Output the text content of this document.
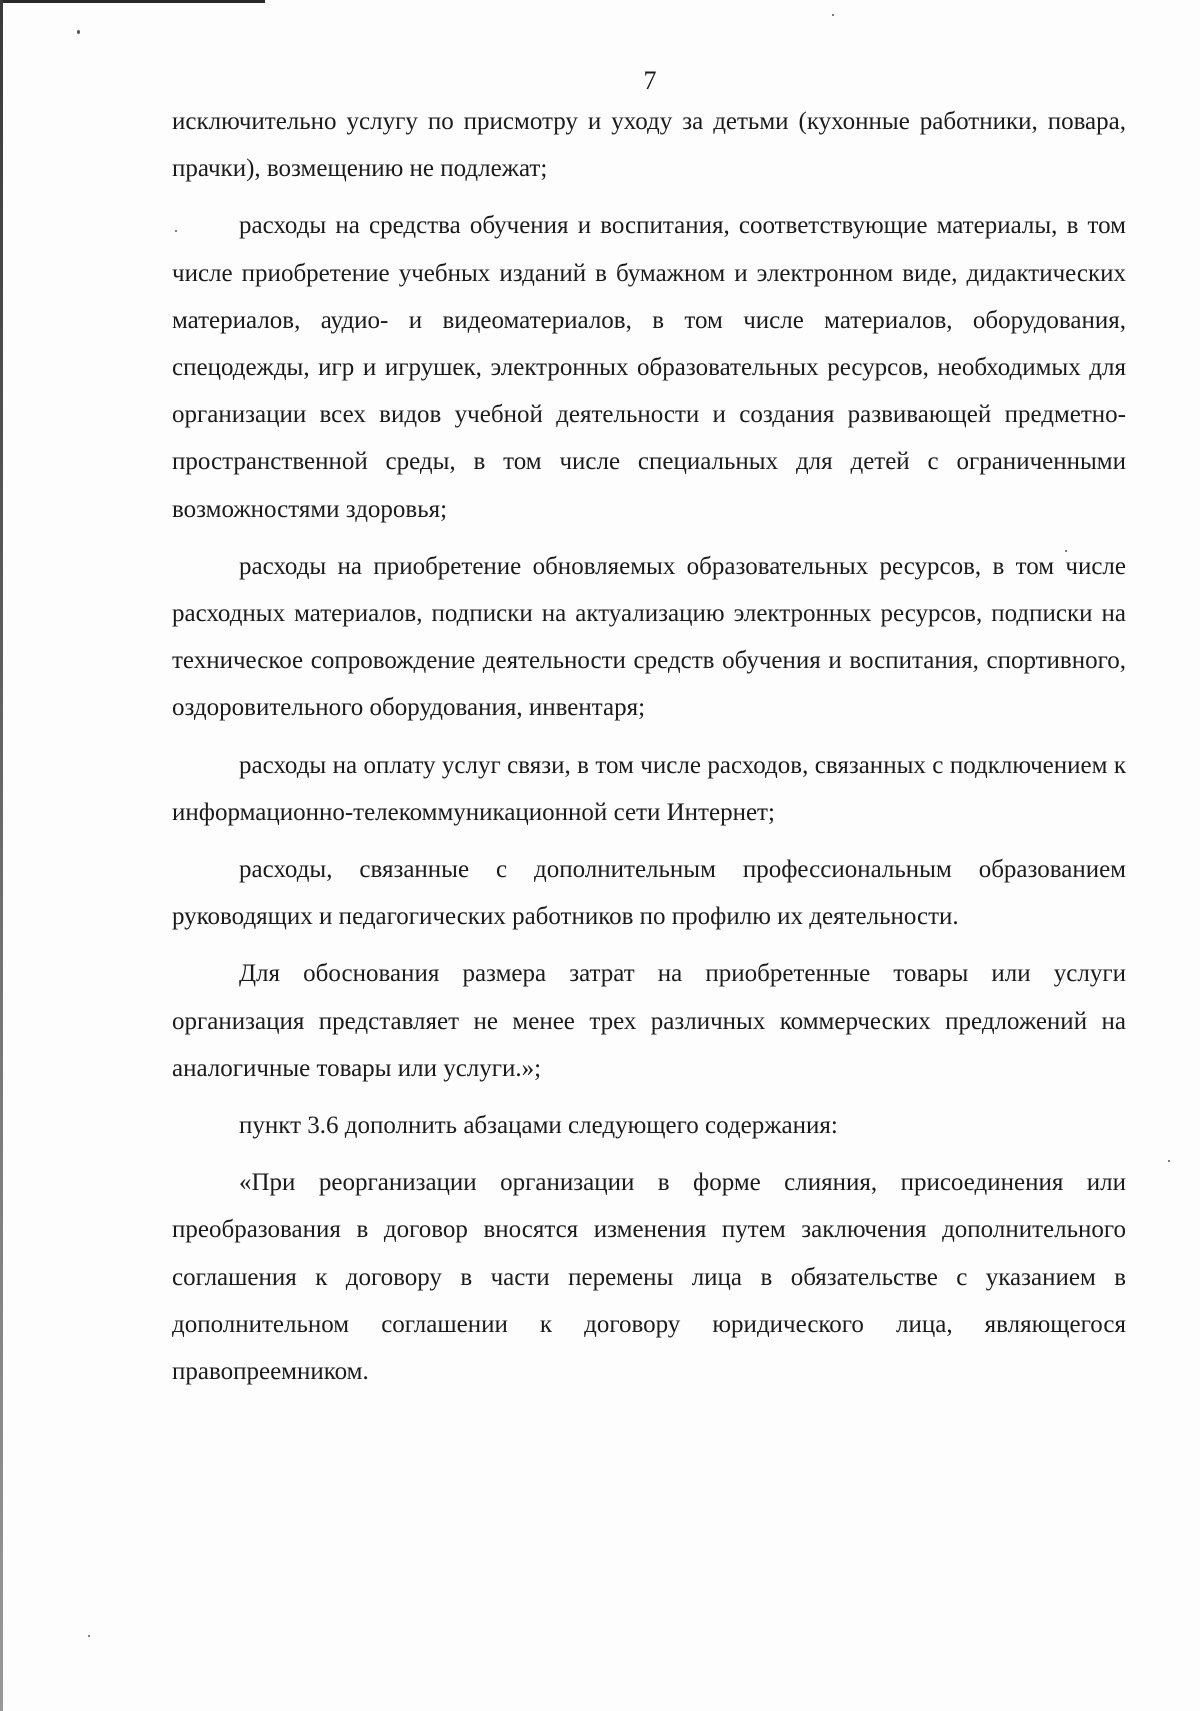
7

исключительно услугу по присмотру и уходу за детьми (кухонные работники, повара, прачки), возмещению не подлежат;

расходы на средства обучения и воспитания, соответствующие материалы, в том числе приобретение учебных изданий в бумажном и электронном виде, дидактических материалов, аудио- и видеоматериалов, в том числе материалов, оборудования, спецодежды, игр и игрушек, электронных образовательных ресурсов, необходимых для организации всех видов учебной деятельности и создания развивающей предметно-пространственной среды, в том числе специальных для детей с ограниченными возможностями здоровья;

расходы на приобретение обновляемых образовательных ресурсов, в том числе расходных материалов, подписки на актуализацию электронных ресурсов, подписки на техническое сопровождение деятельности средств обучения и воспитания, спортивного, оздоровительного оборудования, инвентаря;

расходы на оплату услуг связи, в том числе расходов, связанных с подключением к информационно-телекоммуникационной сети Интернет;

расходы, связанные с дополнительным профессиональным образованием руководящих и педагогических работников по профилю их деятельности.

Для обоснования размера затрат на приобретенные товары или услуги организация представляет не менее трех различных коммерческих предложений на аналогичные товары или услуги.»;

пункт 3.6 дополнить абзацами следующего содержания:

«При реорганизации организации в форме слияния, присоединения или преобразования в договор вносятся изменения путем заключения дополнительного соглашения к договору в части перемены лица в обязательстве с указанием в дополнительном соглашении к договору юридического лица, являющегося правопреемником.
